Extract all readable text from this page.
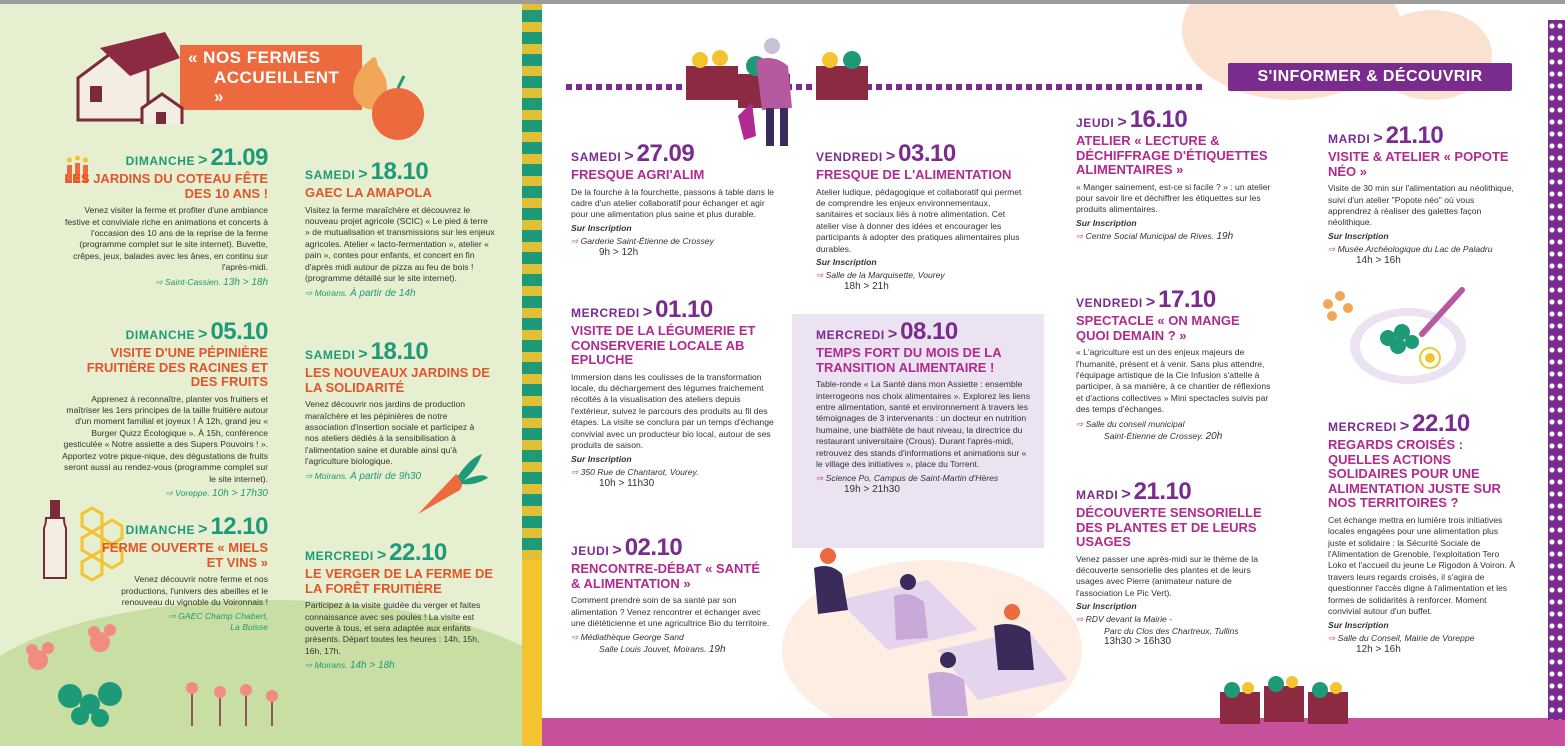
« NOS FERMES
ACCUEILLENT »
S'INFORMER & DÉCOUVRIR
DIMANCHE > 21.09
LES JARDINS DU COTEAU FÊTE DES 10 ANS !
Venez visiter la ferme et profiter d'une ambiance festive et conviviale riche en animations et concerts à l'occasion des 10 ans de la reprise de la ferme (programme complet sur le site internet). Buvette, crêpes, jeux, balades avec les ânes, en continu sur l'après-midi.
⇨ Saint-Cassien. 13h > 18h
DIMANCHE > 05.10
VISITE D'UNE PÉPINIÈRE FRUITIÈRE DES RACINES ET DES FRUITS
Apprenez à reconnaître, planter vos fruitiers et maîtriser les 1ers principes de la taille fruitière autour d'un moment familial et joyeux ! À 12h, grand jeu « Burger Quizz Écologique ». À 15h, conférence gesticulée « Notre assiette a des Supers Pouvoirs ! ». Apportez votre pique-nique, des dégustations de fruits seront aussi au rendez-vous (programme complet sur le site internet).
⇨ Voreppe. 10h > 17h30
DIMANCHE > 12.10
FERME OUVERTE « MIELS ET VINS »
Venez découvrir notre ferme et nos productions, l'univers des abeilles et le renouveau du vignoble du Voironnais !
⇨ GAEC Champ Chabert,
La Buisse
SAMEDI > 18.10
GAEC LA AMAPOLA
Visitez la ferme maraîchère et découvrez le nouveau projet agricole (SCIC) « Le pied à terre » de mutualisation et transmissions sur les enjeux agricoles. Atelier « lacto-fermentation », atelier « pain », contes pour enfants, et concert en fin d'après midi autour de pizza au feu de bois ! (programme détaillé sur le site internet).
⇨ Moirans. À partir de 14h
SAMEDI > 18.10
LES NOUVEAUX JARDINS DE LA SOLIDARITÉ
Venez découvrir nos jardins de production maraîchère et les pépinières de notre association d'insertion sociale et participez à nos ateliers dédiés à la sensibilisation à l'alimentation saine et durable ainsi qu'à l'agriculture biologique.
⇨ Moirans. À partir de 9h30
MERCREDI > 22.10
LE VERGER DE LA FERME DE LA FORÊT FRUITIÈRE
Participez à la visite guidée du verger et faites connaissance avec ses poules ! La visite est ouverte à tous, et sera adaptée aux enfants présents. Départ toutes les heures : 14h, 15h, 16h, 17h.
⇨ Moirans. 14h > 18h
SAMEDI > 27.09
FRESQUE AGRI'ALIM
De la fourche à la fourchette, passons à table dans le cadre d'un atelier collaboratif pour échanger et agir pour une alimentation plus saine et plus durable.
Sur Inscription
⇨ Garderie Saint-Étienne de Crossey
9h > 12h
MERCREDI > 01.10
VISITE DE LA LÉGUMERIE ET CONSERVERIE LOCALE AB EPLUCHE
Immersion dans les coulisses de la transformation locale, du déchargement des légumes fraichement récoltés à la visualisation des ateliers depuis l'extérieur, suivez le parcours des produits au fil des étapes. La visite se conclura par un temps d'échange convivial avec un producteur bio local, autour de ses produits de saison.
Sur Inscription
⇨ 350 Rue de Chantarot, Vourey.
10h > 11h30
JEUDI > 02.10
RENCONTRE-DÉBAT « SANTÉ & ALIMENTATION »
Comment prendre soin de sa santé par son alimentation ? Venez rencontrer et échanger avec une diététicienne et une agricultrice Bio du territoire.
⇨ Médiathèque George Sand
Salle Louis Jouvet, Moirans. 19h
VENDREDI > 03.10
FRESQUE DE L'ALIMENTATION
Atelier ludique, pédagogique et collaboratif qui permet de comprendre les enjeux environnementaux, sanitaires et sociaux liés à notre alimentation. Cet atelier vise à donner des idées et encourager les participants à adopter des pratiques alimentaires plus durables.
Sur Inscription
⇨ Salle de la Marquisette, Vourey
18h > 21h
MERCREDI > 08.10
TEMPS FORT DU MOIS DE LA TRANSITION ALIMENTAIRE !
Table-ronde « La Santé dans mon Assiette : ensemble interrogeons nos choix alimentaires ». Explorez les liens entre alimentation, santé et environnement à travers les témoignages de 3 intervenants : un docteur en nutrition humaine, une biathlète de haut niveau, la directrice du restaurant universitaire (Crous). Durant l'après-midi, retrouvez des stands d'informations et animations sur « le village des initiatives », place du Torrent.
⇨ Science Po, Campus de Saint-Martin d'Hères
19h > 21h30
JEUDI > 16.10
ATELIER « LECTURE & DÉCHIFFRAGE D'ÉTIQUETTES ALIMENTAIRES »
« Manger sainement, est-ce si facile ? » : un atelier pour savoir lire et déchiffrer les étiquettes sur les produits alimentaires.
Sur Inscription
⇨ Centre Social Municipal de Rives. 19h
VENDREDI > 17.10
SPECTACLE « ON MANGE QUOI DEMAIN ? »
« L'agriculture est un des enjeux majeurs de l'humanité, présent et à venir. Sans plus attendre, l'équipage artistique de la Cie Infusion s'attelle à participer, à sa manière, à ce chantier de réflexions et d'actions collectives » Mini spectacles suivis par des temps d'échanges.
⇨ Salle du conseil municipal
Saint-Étienne de Crossey. 20h
MARDI > 21.10
DÉCOUVERTE SENSORIELLE DES PLANTES ET DE LEURS USAGES
Venez passer une après-midi sur le thème de la découverte sensorielle des plantes et de leurs usages avec Pierre (animateur nature de l'association Le Pic Vert).
Sur Inscription
⇨ RDV devant la Mairie -
Parc du Clos des Chartreux, Tullins
13h30 > 16h30
MARDI > 21.10
VISITE & ATELIER « POPOTE NÉO »
Visite de 30 min sur l'alimentation au néolithique, suivi d'un atelier "Popote néo" où vous apprendrez à réaliser des galettes façon néolithique.
Sur Inscription
⇨ Musée Archéologique du Lac de Paladru
14h > 16h
MERCREDI > 22.10
REGARDS CROISÉS : QUELLES ACTIONS SOLIDAIRES POUR UNE ALIMENTATION JUSTE SUR NOS TERRITOIRES ?
Cet échange mettra en lumière trois initiatives locales engagées pour une alimentation plus juste et solidaire : la Sécurité Sociale de l'Alimentation de Grenoble, l'exploitation Tero Loko et l'accueil du jeune Le Rigodon à Voiron. À travers leurs regards croisés, il s'agira de questionner l'accès digne à l'alimentation et les formes de solidarités à renforcer. Moment convivial autour d'un buffet.
Sur Inscription
⇨ Salle du Conseil, Mairie de Voreppe
12h > 16h
